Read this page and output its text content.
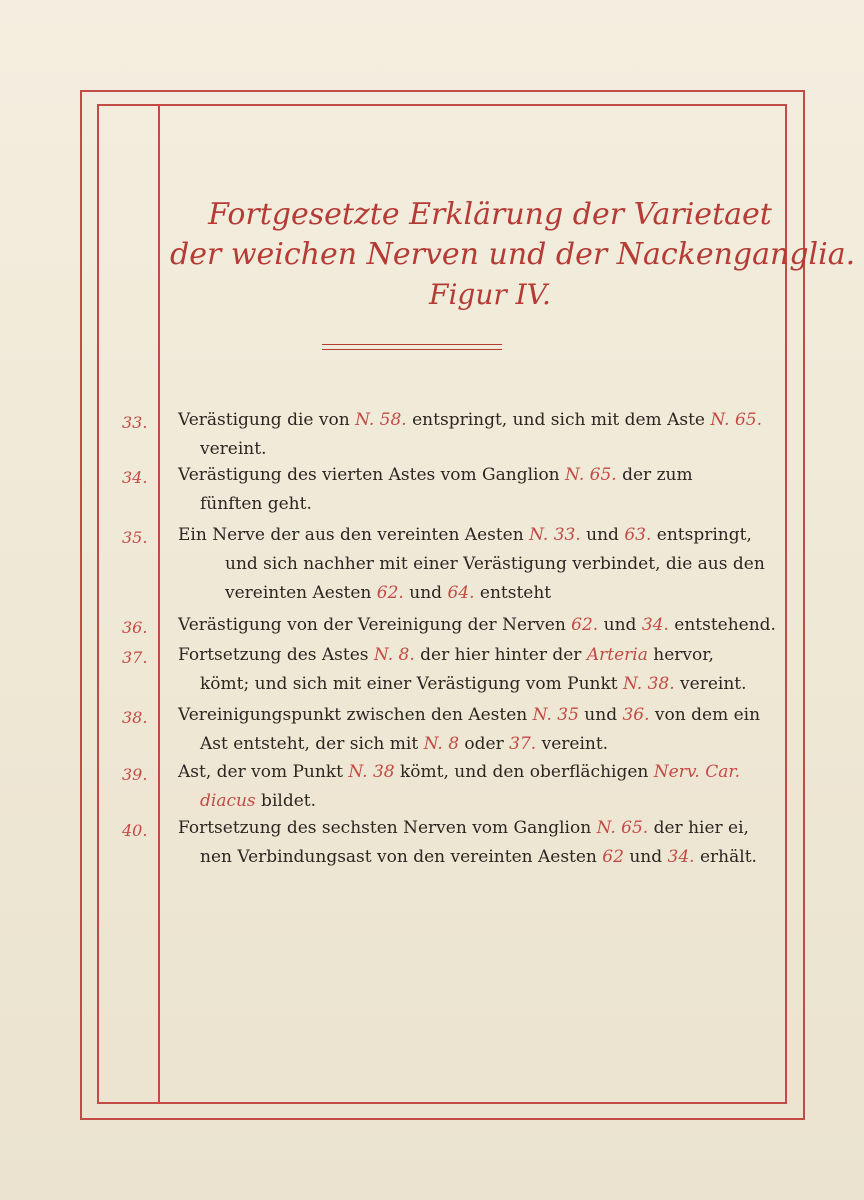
Fortgesetzte Erklärung der Varietaet
der weichen Nerven und der Nackenganglia.
Figur IV.
33.	Verästigung die von N. 58. entspringt, und sich mit dem Aste N. 65.
vereint.
34.	Verästigung des vierten Astes vom Ganglion N. 65. der zum
fünften geht.
35.	Ein Nerve der aus den vereinten Aesten N. 33. und 63. entspringt,
und sich nachher mit einer Verästigung verbindet, die aus den
vereinten Aesten 62. und 64. entsteht
36.	Verästigung von der Vereinigung der Nerven 62. und 34. entstehend.
37.	Fortsetzung des Astes N. 8. der hier hinter der Arteria hervor,
kömt; und sich mit einer Verästigung vom Punkt N. 38. vereint.
38.	Vereinigungspunkt zwischen den Aesten N. 35 und 36. von dem ein
Ast entsteht, der sich mit N. 8 oder 37. vereint.
39.	Ast, der vom Punkt N. 38 kömt, und den oberflächigen Nerv. Car.
diacus bildet.
40.	Fortsetzung des sechsten Nerven vom Ganglion N. 65. der hier ei,
nen Verbindungsast von den vereinten Aesten 62 und 34. erhält.
